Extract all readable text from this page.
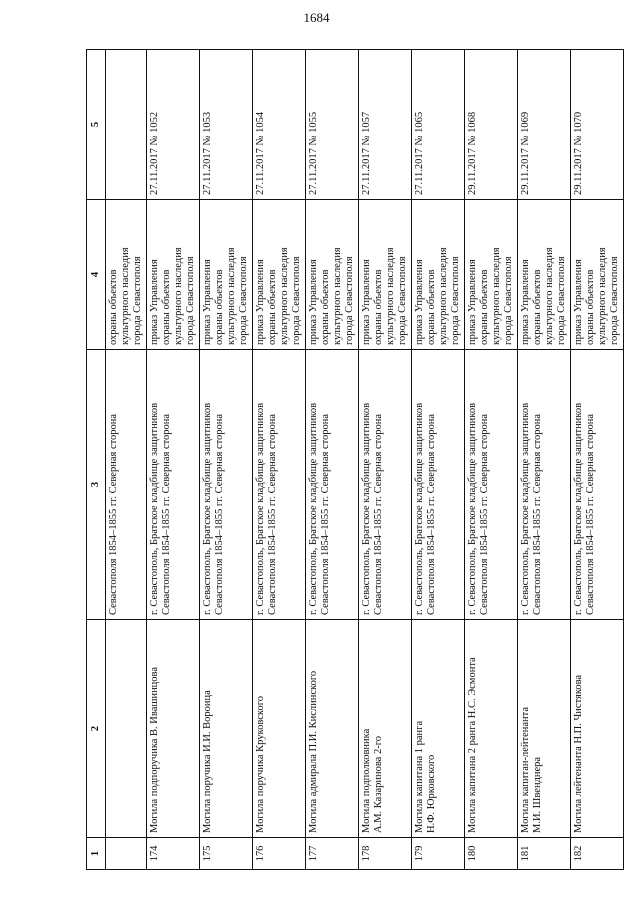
1684
1	2	3	4	5
		Севастополя 1854–1855 гг. Северная сторона	охраны объектов
культурного наследия
города Севастополя	
174	Могила подпоручика В. Ивашинцова	г. Севастополь, Братское кладбище защитников
Севастополя 1854–1855 гг. Северная сторона	приказ Управления
охраны объектов
культурного наследия
города Севастополя	27.11.2017 № 1052
175	Могила поручика И.И. Вороица	г. Севастополь, Братское кладбище защитников
Севастополя 1854–1855 гг. Северная сторона	приказ Управления
охраны объектов
культурного наследия
города Севастополя	27.11.2017 № 1053
176	Могила поручика Круковского	г. Севастополь, Братское кладбище защитников
Севастополя 1854–1855 гг. Северная сторона	приказ Управления
охраны объектов
культурного наследия
города Севастополя	27.11.2017 № 1054
177	Могила адмирала П.И. Кислинского	г. Севастополь, Братское кладбище защитников
Севастополя 1854–1855 гг. Северная сторона	приказ Управления
охраны объектов
культурного наследия
города Севастополя	27.11.2017 № 1055
178	Могила подполковника
А.М. Казаринова 2-го	г. Севастополь, Братское кладбище защитников
Севастополя 1854–1855 гг. Северная сторона	приказ Управления
охраны объектов
культурного наследия
города Севастополя	27.11.2017 № 1057
179	Могила капитана 1 ранга
Н.Ф. Юрковского	г. Севастополь, Братское кладбище защитников
Севастополя 1854–1855 гг. Северная сторона	приказ Управления
охраны объектов
культурного наследия
города Севастополя	27.11.2017 № 1065
180	Могила капитана 2 ранга Н.С. Эсмонта	г. Севастополь, Братское кладбище защитников
Севастополя 1854–1855 гг. Северная сторона	приказ Управления
охраны объектов
культурного наследия
города Севастополя	29.11.2017 № 1068
181	Могила капитан-лейтенанта
М.И. Швенднера	г. Севастополь, Братское кладбище защитников
Севастополя 1854–1855 гг. Северная сторона	приказ Управления
охраны объектов
культурного наследия
города Севастополя	29.11.2017 № 1069
182	Могила лейтенанта Н.П. Чистякова	г. Севастополь, Братское кладбище защитников
Севастополя 1854–1855 гг. Северная сторона	приказ Управления
охраны объектов
культурного наследия
города Севастополя	29.11.2017 № 1070
